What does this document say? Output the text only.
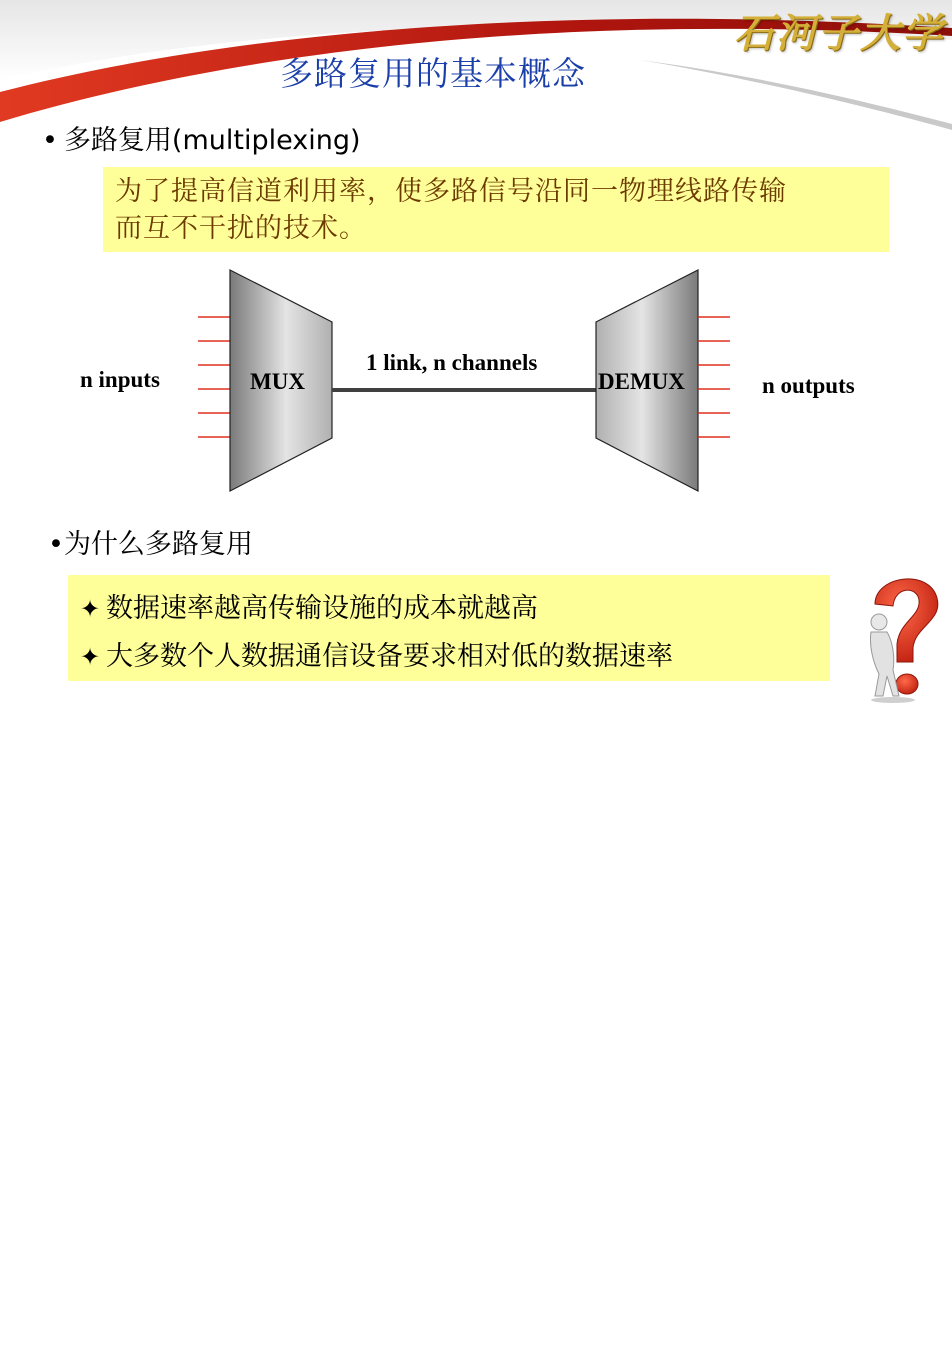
石河子大学
多路复用的基本概念
• 多路复用(multiplexing)
为了提高信道利用率，使多路信号沿同一物理线路传输
而互不干扰的技术。
n inputs	MUX
1 link, n channels
DEMUX	n outputs
•为什么多路复用
✦ 数据速率越高传输设施的成本就越高
✦ 大多数个人数据通信设备要求相对低的数据速率
